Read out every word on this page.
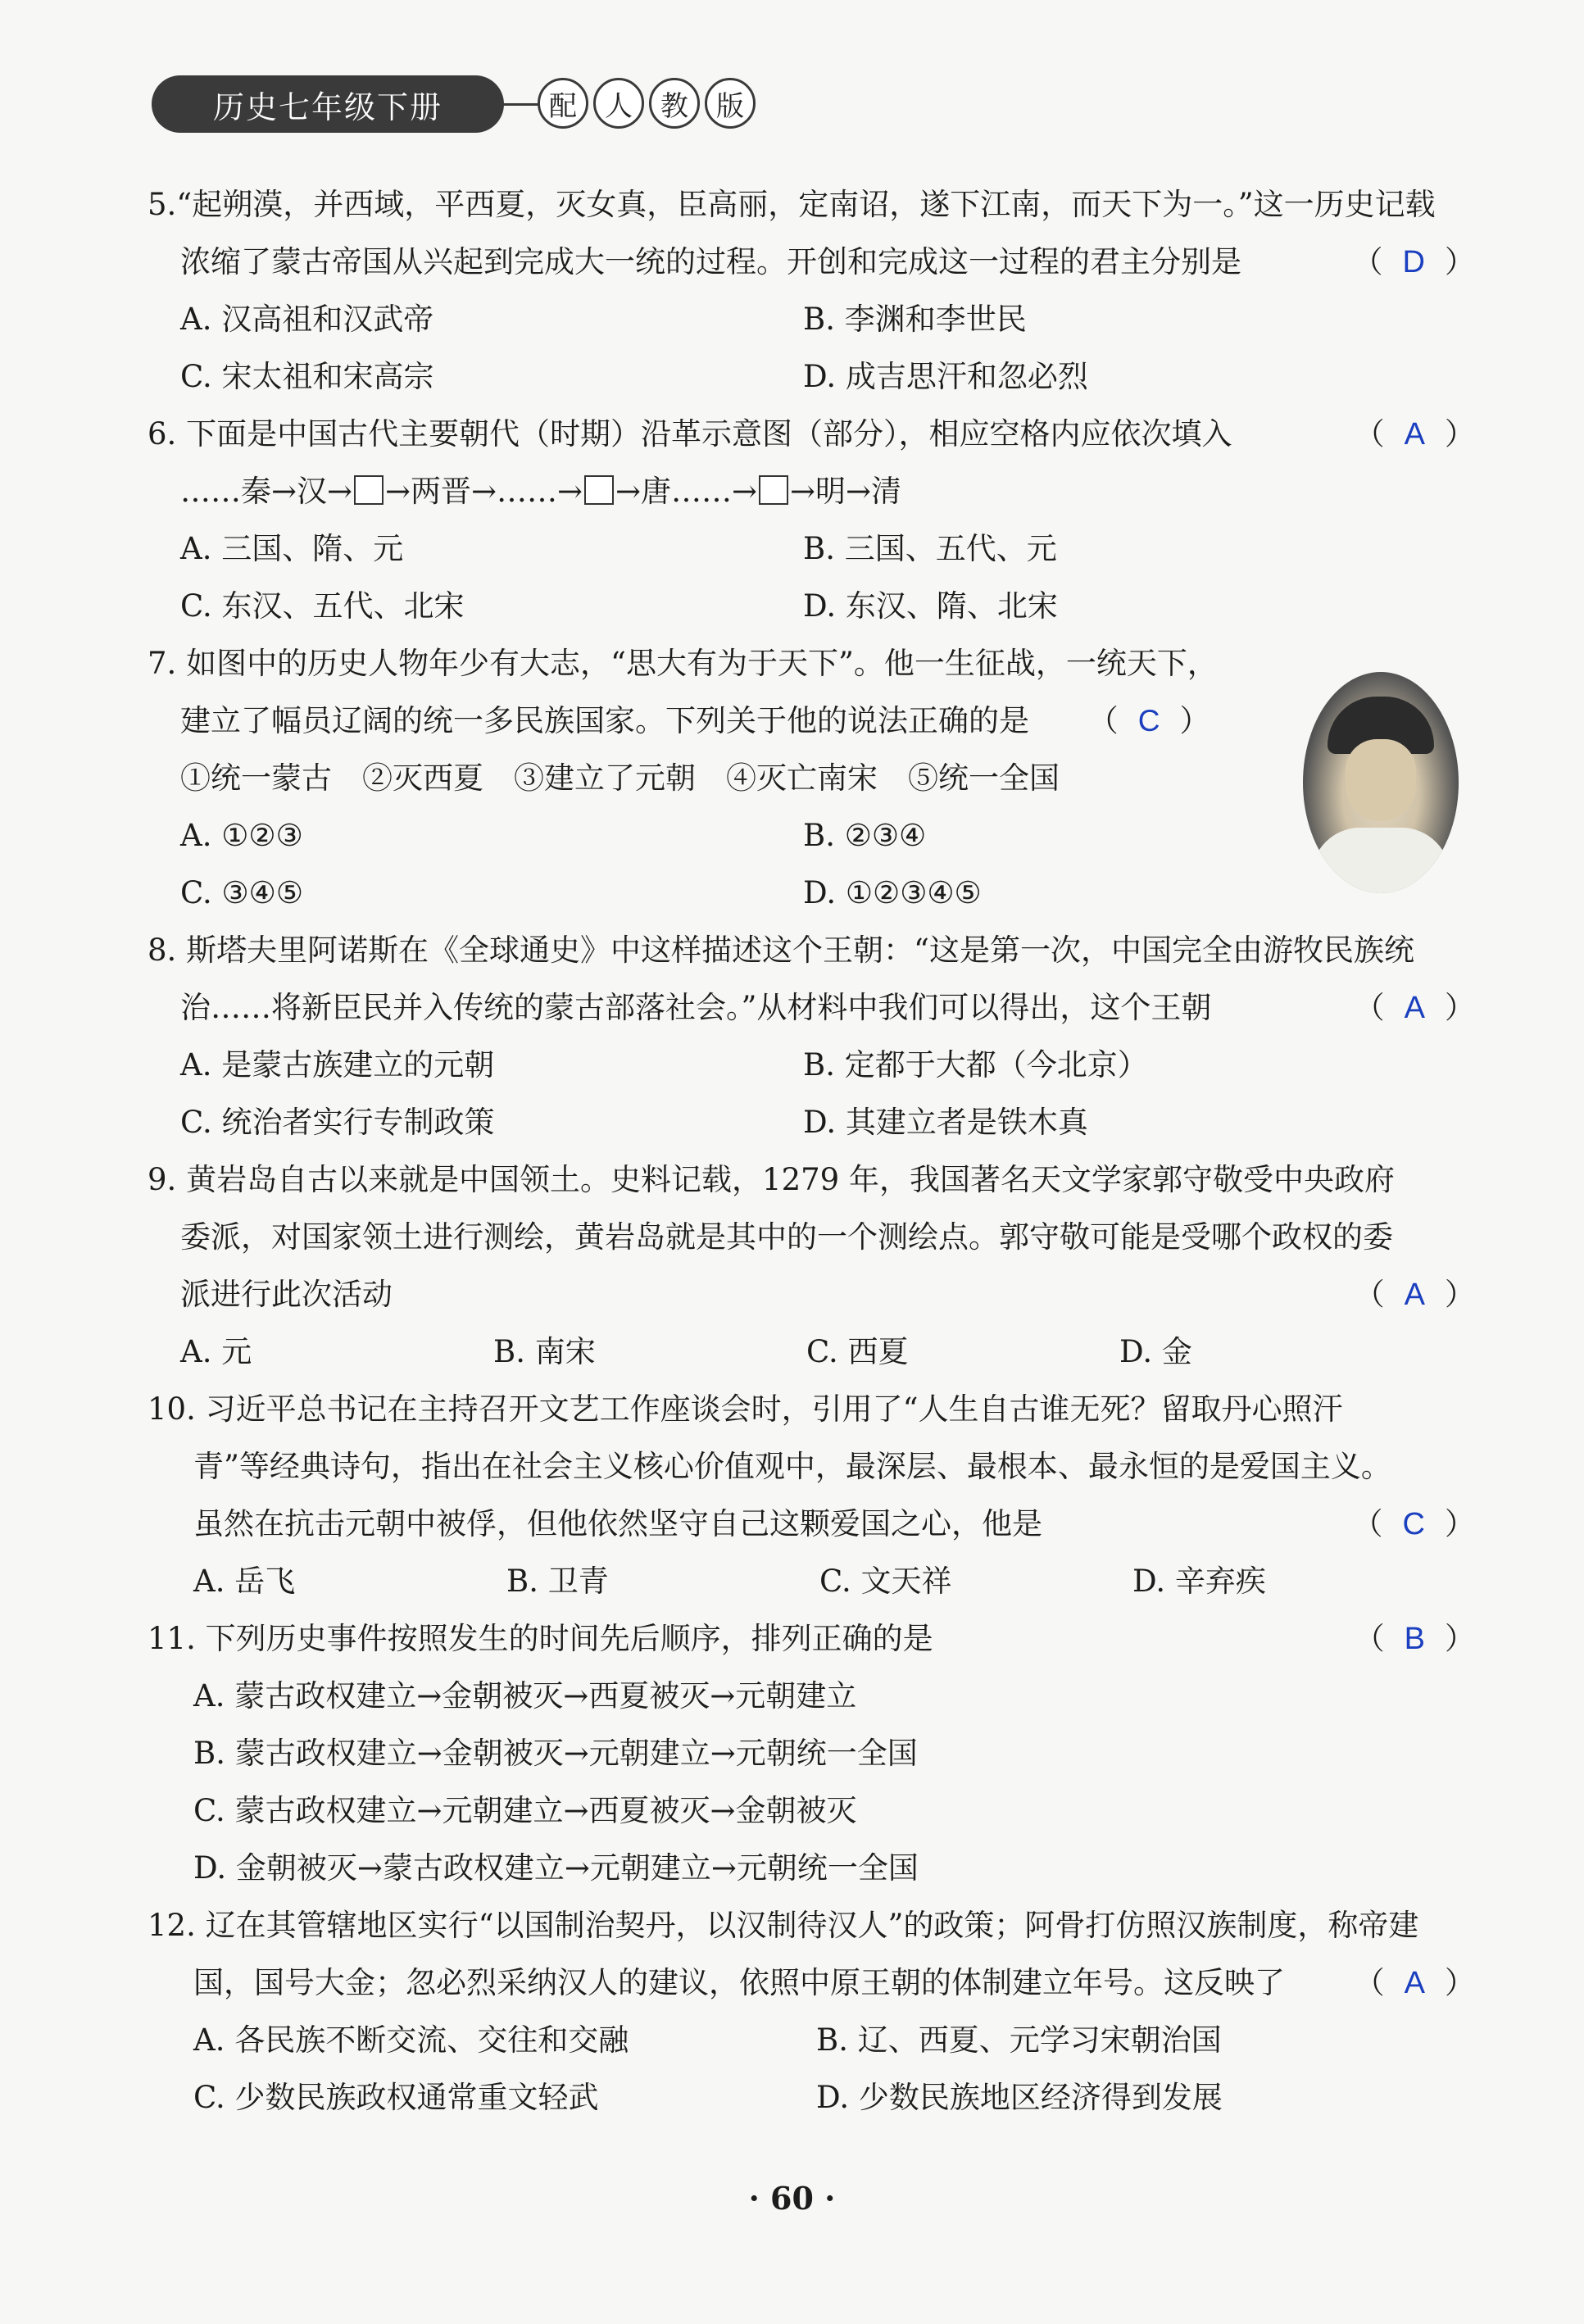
历史七年级下册	配	人	教	版
5.“起朔漠，并西域，平西夏，灭女真，臣高丽，定南诏，遂下江南，而天下为一。”这一历史记载
浓缩了蒙古帝国从兴起到完成大一统的过程。开创和完成这一过程的君主分别是	（ D ）
A. 汉高祖和汉武帝	B. 李渊和李世民
C. 宋太祖和宋高宗	D. 成吉思汗和忽必烈
6. 下面是中国古代主要朝代（时期）沿革示意图（部分），相应空格内应依次填入	（ A ）
……秦→汉→ →两晋→……→ →唐……→ →明→清
A. 三国、隋、元	B. 三国、五代、元
C. 东汉、五代、北宋	D. 东汉、隋、北宋
7. 如图中的历史人物年少有大志，“思大有为于天下”。他一生征战，一统天下，
建立了幅员辽阔的统一多民族国家。下列关于他的说法正确的是 （ C ）
①统一蒙古　②灭西夏　③建立了元朝　④灭亡南宋　⑤统一全国
A. ①②③	B. ②③④
C. ③④⑤	D. ①②③④⑤
8. 斯塔夫里阿诺斯在《全球通史》中这样描述这个王朝：“这是第一次，中国完全由游牧民族统
治……将新臣民并入传统的蒙古部落社会。”从材料中我们可以得出，这个王朝	（ A ）
A. 是蒙古族建立的元朝	B. 定都于大都（今北京）
C. 统治者实行专制政策	D. 其建立者是铁木真
9. 黄岩岛自古以来就是中国领土。史料记载，1279 年，我国著名天文学家郭守敬受中央政府
委派，对国家领土进行测绘，黄岩岛就是其中的一个测绘点。郭守敬可能是受哪个政权的委
派进行此次活动	（ A ）
A. 元	B. 南宋	C. 西夏	D. 金
10. 习近平总书记在主持召开文艺工作座谈会时，引用了“人生自古谁无死？留取丹心照汗
青”等经典诗句，指出在社会主义核心价值观中，最深层、最根本、最永恒的是爱国主义。
虽然在抗击元朝中被俘，但他依然坚守自己这颗爱国之心，他是	（ C ）
A. 岳飞	B. 卫青	C. 文天祥	D. 辛弃疾
11. 下列历史事件按照发生的时间先后顺序，排列正确的是	（ B ）
A. 蒙古政权建立→金朝被灭→西夏被灭→元朝建立
B. 蒙古政权建立→金朝被灭→元朝建立→元朝统一全国
C. 蒙古政权建立→元朝建立→西夏被灭→金朝被灭
D. 金朝被灭→蒙古政权建立→元朝建立→元朝统一全国
12. 辽在其管辖地区实行“以国制治契丹，以汉制待汉人”的政策；阿骨打仿照汉族制度，称帝建
国，国号大金；忽必烈采纳汉人的建议，依照中原王朝的体制建立年号。这反映了 （ A ）
A. 各民族不断交流、交往和交融	B. 辽、西夏、元学习宋朝治国
C. 少数民族政权通常重文轻武	D. 少数民族地区经济得到发展
· 60 ·
